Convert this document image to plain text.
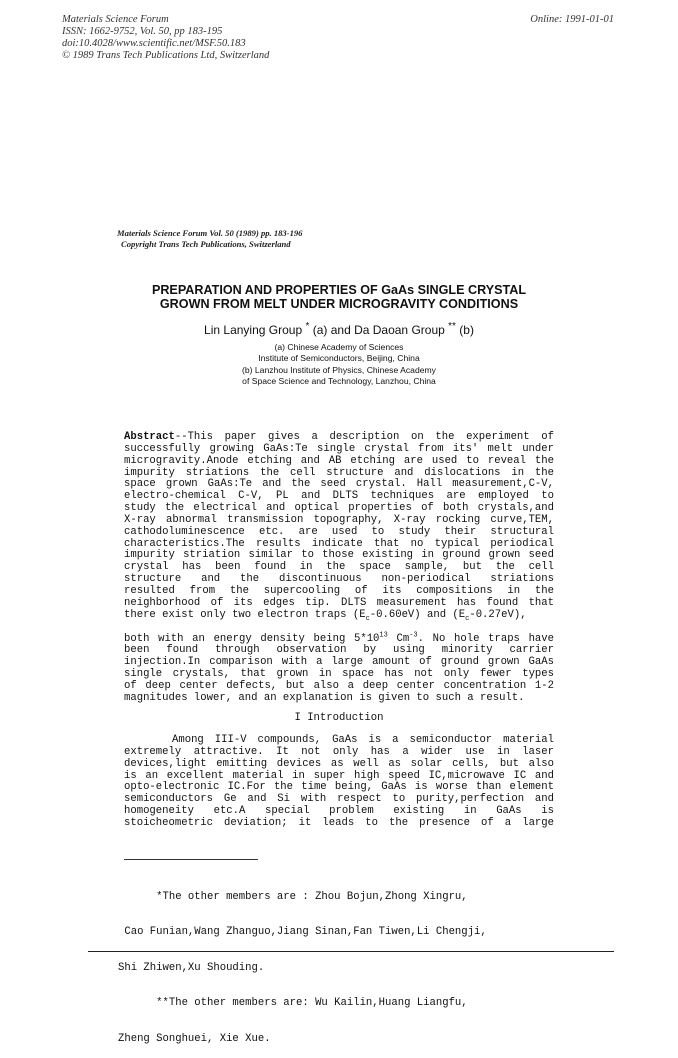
Materials Science Forum
ISSN: 1662-9752, Vol. 50, pp 183-195
doi:10.4028/www.scientific.net/MSF.50.183
© 1989 Trans Tech Publications Ltd, Switzerland
Online: 1991-01-01
Materials Science Forum Vol. 50 (1989) pp. 183-196
Copyright Trans Tech Publications, Switzerland
PREPARATION AND PROPERTIES OF GaAs SINGLE CRYSTAL
GROWN FROM MELT UNDER MICROGRAVITY CONDITIONS
Lin Lanying Group * (a) and Da Daoan Group ** (b)
(a) Chinese Academy of Sciences
Institute of Semiconductors, Beijing, China
(b) Lanzhou Institute of Physics, Chinese Academy
of Space Science and Technology, Lanzhou, China
Abstract--This paper gives a description on the experiment of
successfully growing GaAs:Te single crystal from its' melt under
microgravity.Anode etching and AB etching are used to reveal the
impurity striations the cell structure and dislocations in the
space grown GaAs:Te and the seed crystal. Hall measurement,C-V,
electro-chemical C-V, PL and DLTS techniques are employed to
study the electrical and optical properties of both crystals,and
X-ray abnormal transmission topography, X-ray rocking curve,TEM,
cathodoluminescence etc. are used to study their structural
characteristics.The results indicate that no typical periodical
impurity striation similar to those existing in ground grown seed
crystal has been found in the space sample, but the cell
structure and the discontinuous non-periodical striations
resulted from the supercooling of its compositions in the
neighborhood of its edges tip. DLTS measurement has found that
there exist only two electron traps $(E_c-0.60eV)$ and $(E_c-0.27eV)$,
both with an energy density being $5*10^{13}$ $Cm^{-3}$. No hole traps have
been found through observation by using minority carrier
injection.In comparison with a large amount of ground grown GaAs
single crystals, that grown in space has not only fewer types
of deep center defects, but also a deep center concentration 1-2
magnitudes lower, and an explanation is given to such a result.
I Introduction
Among III-V compounds, GaAs is a semiconductor material
extremely attractive. It not only has a wider use in laser
devices,light emitting devices as well as solar cells, but also
is an excellent material in super high speed IC,microwave IC and
opto-electronic IC.For the time being, GaAs is worse than element
semiconductors Ge and Si with respect to purity,perfection and
homogeneity etc.A special problem existing in GaAs is
stoicheometric deviation; it leads to the presence of a large

*The other members are : Zhou Bojun,Zhong Xingru,

Cao Funian,Wang Zhanguo,Jiang Sinan,Fan Tiwen,Li Chengji,

Shi Zhiwen,Xu Shouding.

**The other members are: Wu Kailin,Huang Liangfu,

Zheng Songhuei, Xie Xue.
